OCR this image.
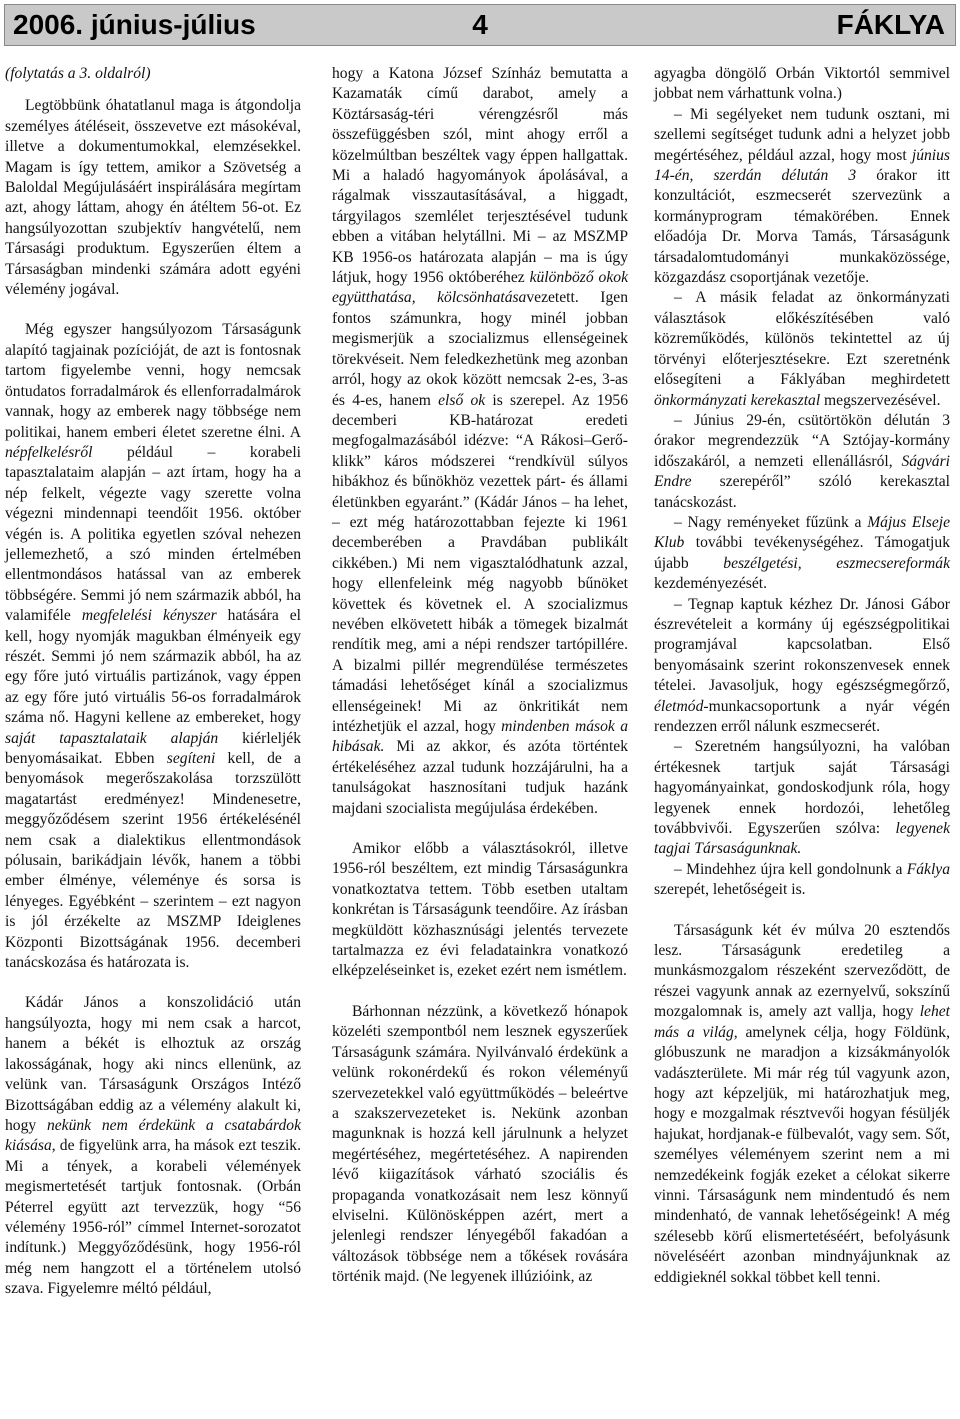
2006. június-július	4	FÁKLYA

(folytatás a 3. oldalról)

Legtöbbünk óhatatlanul maga is átgondolja személyes átéléseit, összevetve ezt másokéval, illetve a dokumentumokkal, elemzésekkel. Magam is így tettem, amikor a Szövetség a Baloldal Megújulásáért inspirálására megírtam azt, ahogy láttam, ahogy én átéltem 56-ot. Ez hangsúlyozottan szubjektív hangvételű, nem Társasági produktum. Egyszerűen éltem a Társaságban mindenki számára adott egyéni vélemény jogával.

Még egyszer hangsúlyozom Társaságunk alapító tagjainak pozícióját, de azt is fontosnak tartom figyelembe venni, hogy nemcsak öntudatos forradalmárok és ellenforradalmárok vannak, hogy az emberek nagy többsége nem politikai, hanem emberi életet szeretne élni. A népfelkelésről például – korabeli tapasztalataim alapján – azt írtam, hogy ha a nép felkelt, végezte vagy szerette volna végezni mindennapi teendőit 1956. október végén is. A politika egyetlen szóval nehezen jellemezhető, a szó minden értelmében ellentmondásos hatással van az emberek többségére. Semmi jó nem származik abból, ha valamiféle megfelelési kényszer hatására el kell, hogy nyomják magukban élményeik egy részét. Semmi jó nem származik abból, ha az egy főre jutó virtuális partizánok, vagy éppen az egy főre jutó virtuális 56-os forradalmárok száma nő. Hagyni kellene az embereket, hogy saját tapasztalataik alapján kiérleljék benyomásaikat. Ebben segíteni kell, de a benyomások megerőszakolása torzszülött magatartást eredményez! Mindenesetre, meggyőződésem szerint 1956 értékelésénél nem csak a dialektikus ellentmondások pólusain, barikádjain lévők, hanem a többi ember élménye, véleménye és sorsa is lényeges. Egyébként – szerintem – ezt nagyon is jól érzékelte az MSZMP Ideiglenes Központi Bizottságának 1956. decemberi tanácskozása és határozata is.

Kádár János a konszolidáció után hangsúlyozta, hogy mi nem csak a harcot, hanem a békét is elhoztuk az ország lakosságának, hogy aki nincs ellenünk, az velünk van. Társaságunk Országos Intéző Bizottságában eddig az a vélemény alakult ki, hogy nekünk nem érdekünk a csatabárdok kiásása, de figyelünk arra, ha mások ezt teszik. Mi a tények, a korabeli vélemények megismertetését tartjuk fontosnak. (Orbán Péterrel együtt azt tervezzük, hogy “56 vélemény 1956-ról” címmel Internet-sorozatot indítunk.) Meggyőződésünk, hogy 1956-ról még nem hangzott el a történelem utolsó szava. Figyelemre méltó például,

hogy a Katona József Színház bemutatta a Kazamaták című darabot, amely a Köztársaság-téri vérengzésről más összefüggésben szól, mint ahogy erről a közelmúltban beszéltek vagy éppen hallgattak. Mi a haladó hagyományok ápolásával, a rágalmak visszautasításával, a higgadt, tárgyilagos szemlélet terjesztésével tudunk ebben a vitában helytállni. Mi – az MSZMP KB 1956-os határozata alapján – ma is úgy látjuk, hogy 1956 októberéhez különböző okok együtthatása, kölcsönhatásavezetett. Igen fontos számunkra, hogy minél jobban megismerjük a szocializmus ellenségeinek törekvéseit. Nem feledkezhetünk meg azonban arról, hogy az okok között nemcsak 2-es, 3-as és 4-es, hanem első ok is szerepel. Az 1956 decemberi KB-határozat eredeti megfogalmazásából idézve: “A Rákosi–Gerő-klikk” káros módszerei “rendkívül súlyos hibákhoz és bűnökhöz vezettek párt- és állami életünkben egyaránt.” (Kádár János – ha lehet, – ezt még határozottabban fejezte ki 1961 decemberében a Pravdában publikált cikkében.) Mi nem vigasztalódhatunk azzal, hogy ellenfeleink még nagyobb bűnöket követtek és követnek el. A szocializmus nevében elkövetett hibák a tömegek bizalmát rendítik meg, ami a népi rendszer tartópillére. A bizalmi pillér megrendülése természetes támadási lehetőséget kínál a szocializmus ellenségeinek! Mi az önkritikát nem intézhetjük el azzal, hogy mindenben mások a hibásak. Mi az akkor, és azóta történtek értékeléséhez azzal tudunk hozzájárulni, ha a tanulságokat hasznosítani tudjuk hazánk majdani szocialista megújulása érdekében.

Amikor előbb a választásokról, illetve 1956-ról beszéltem, ezt mindig Társaságunkra vonatkoztatva tettem. Több esetben utaltam konkrétan is Társaságunk teendőire. Az írásban megküldött közhasznúsági jelentés tervezete tartalmazza ez évi feladatainkra vonatkozó elképzeléseinket is, ezeket ezért nem ismétlem.

Bárhonnan nézzünk, a következő hónapok közeléti szempontból nem lesznek egyszerűek Társaságunk számára. Nyilvánvaló érdekünk a velünk rokonérdekű és rokon véleményű szervezetekkel való együttműködés – beleértve a szakszervezeteket is. Nekünk azonban magunknak is hozzá kell járulnunk a helyzet megértéséhez, megértetéséhez. A napirenden lévő kiigazítások várható szociális és propaganda vonatkozásait nem lesz könnyű elviselni. Különösképpen azért, mert a jelenlegi rendszer lényegéből fakadóan a változások többsége nem a tőkések rovására történik majd. (Ne legyenek illúzióink, az

agyagba döngölő Orbán Viktortól semmivel jobbat nem várhattunk volna.)

– Mi segélyeket nem tudunk osztani, mi szellemi segítséget tudunk adni a helyzet jobb megértéséhez, például azzal, hogy most június 14-én, szerdán délután 3 órakor itt konzultációt, eszmecserét szervezünk a kormányprogram témakörében. Ennek előadója Dr. Morva Tamás, Társaságunk társadalomtudományi munkaközössége, közgazdász csoportjának vezetője.

– A másik feladat az önkormányzati választások előkészítésében való közreműködés, különös tekintettel az új törvényi előterjesztésekre. Ezt szeretnénk elősegíteni a Fáklyában meghirdetett önkormányzati kerekasztal megszervezésével.

– Június 29-én, csütörtökön délután 3 órakor megrendezzük “A Sztójay-kormány időszakáról, a nemzeti ellenállásról, Ságvári Endre szerepéről” szóló kerekasztal tanácskozást.

– Nagy reményeket fűzünk a Május Elseje Klub további tevékenységéhez. Támogatjuk újabb beszélgetési, eszmecsereformák kezdeményezését.

– Tegnap kaptuk kézhez Dr. Jánosi Gábor észrevételeit a kormány új egészségpolitikai programjával kapcsolatban. Első benyomásaink szerint rokonszenvesek ennek tételei. Javasoljuk, hogy egészségmegőrző, életmód-munkacsoportunk a nyár végén rendezzen erről nálunk eszmecserét.

– Szeretném hangsúlyozni, ha valóban értékesnek tartjuk saját Társasági hagyományainkat, gondoskodjunk róla, hogy legyenek ennek hordozói, lehetőleg továbbvivői. Egyszerűen szólva: legyenek tagjai Társaságunknak.

– Mindehhez újra kell gondolnunk a Fáklya szerepét, lehetőségeit is.

Társaságunk két év múlva 20 esztendős lesz. Társaságunk eredetileg a munkásmozgalom részeként szerveződött, de részei vagyunk annak az ezernyelvű, sokszínű mozgalomnak is, amely azt vallja, hogy lehet más a világ, amelynek célja, hogy Földünk, glóbuszunk ne maradjon a kizsákmányolók vadászterülete. Mi már rég túl vagyunk azon, hogy azt képzeljük, mi határozhatjuk meg, hogy e mozgalmak résztvevői hogyan fésüljék hajukat, hordjanak-e fülbevalót, vagy sem. Sőt, személyes véleményem szerint nem a mi nemzedékeink fogják ezeket a célokat sikerre vinni. Társaságunk nem mindentudó és nem mindenható, de vannak lehetőségeink! A még szélesebb körű elismertetéséért, befolyásunk növeléséért azonban mindnyájunknak az eddigieknél sokkal többet kell tenni.
